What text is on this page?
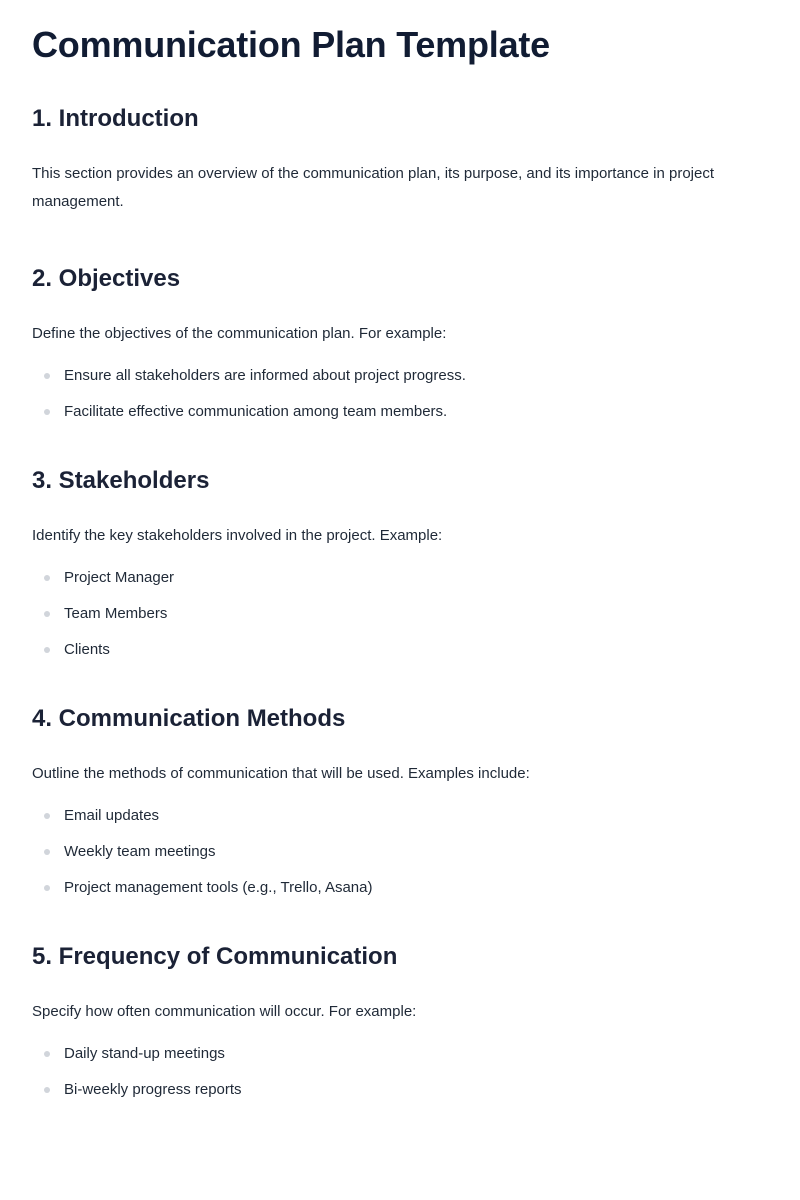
Communication Plan Template
1. Introduction

This section provides an overview of the communication plan, its purpose, and its importance in project management.

2. Objectives

Define the objectives of the communication plan. For example:

Ensure all stakeholders are informed about project progress.
Facilitate effective communication among team members.
3. Stakeholders

Identify the key stakeholders involved in the project. Example:

Project Manager
Team Members
Clients
4. Communication Methods

Outline the methods of communication that will be used. Examples include:

Email updates
Weekly team meetings
Project management tools (e.g., Trello, Asana)
5. Frequency of Communication

Specify how often communication will occur. For example:

Daily stand-up meetings
Bi-weekly progress reports
